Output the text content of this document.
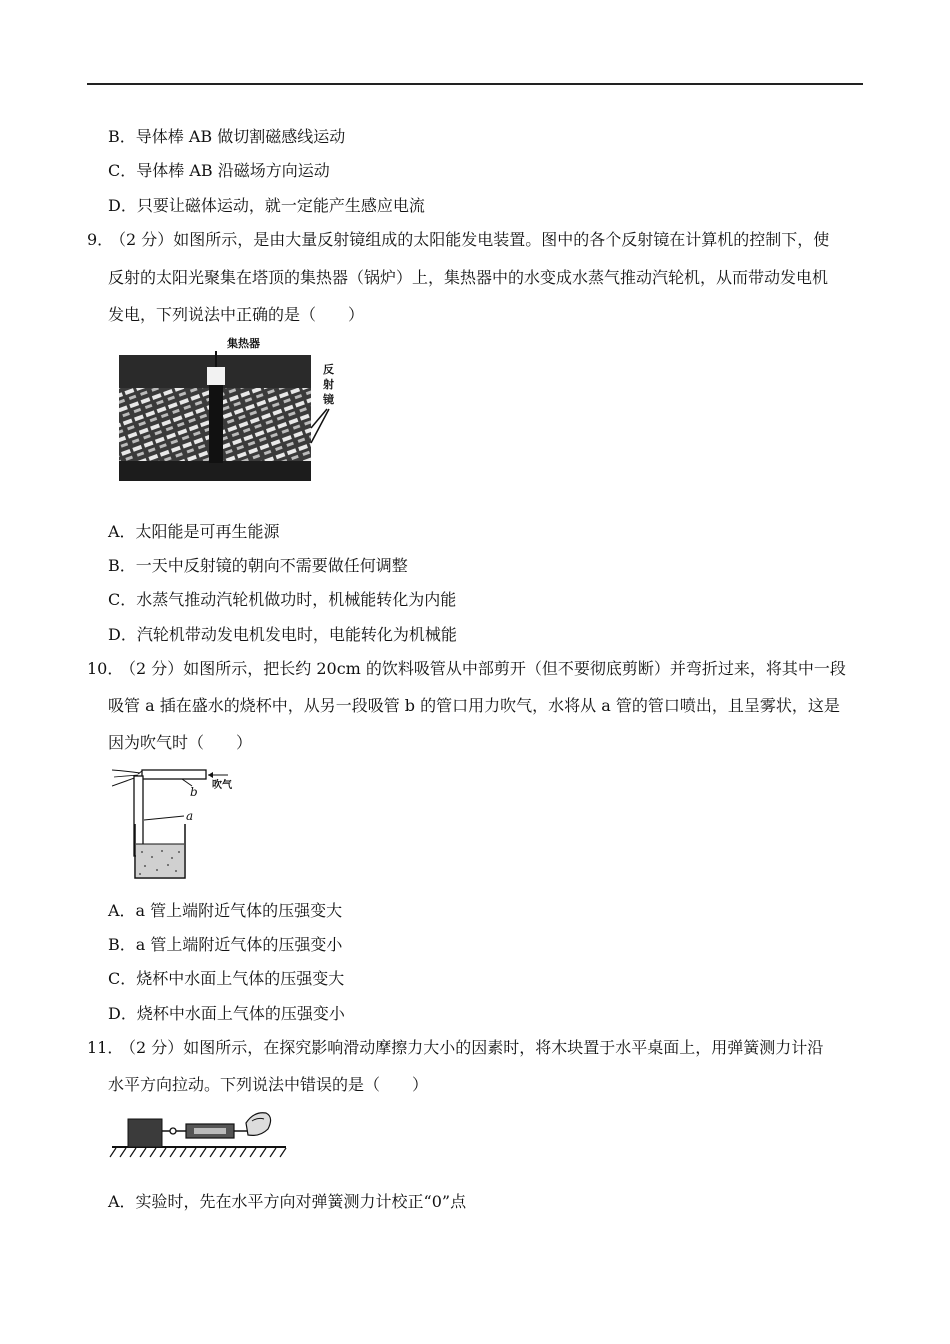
B．导体棒 AB 做切割磁感线运动
C．导体棒 AB 沿磁场方向运动
D．只要让磁体运动，就一定能产生感应电流
9．
（2 分）如图所示，是由大量反射镜组成的太阳能发电装置。图中的各个反射镜在计算机的控制下，使
反射的太阳光聚集在塔顶的集热器（锅炉）上，集热器中的水变成水蒸气推动汽轮机，从而带动发电机
发电，下列说法中正确的是（　　）
集热器
反
射
镜
A．太阳能是可再生能源
B．一天中反射镜的朝向不需要做任何调整
C．水蒸气推动汽轮机做功时，机械能转化为内能
D．汽轮机带动发电机发电时，电能转化为机械能
10．
（2 分）如图所示，把长约 20cm 的饮料吸管从中部剪开（但不要彻底剪断）并弯折过来，将其中一段
吸管 a 插在盛水的烧杯中，从另一段吸管 b 的管口用力吹气，水将从 a 管的管口喷出，且呈雾状，这是
因为吹气时（　　）
b 吹气
a
A．a 管上端附近气体的压强变大
B．a 管上端附近气体的压强变小
C．烧杯中水面上气体的压强变大
D．烧杯中水面上气体的压强变小
11．
（2 分）如图所示，在探究影响滑动摩擦力大小的因素时，将木块置于水平桌面上，用弹簧测力计沿
水平方向拉动。下列说法中错误的是（　　）
A．实验时，先在水平方向对弹簧测力计校正“0”点
